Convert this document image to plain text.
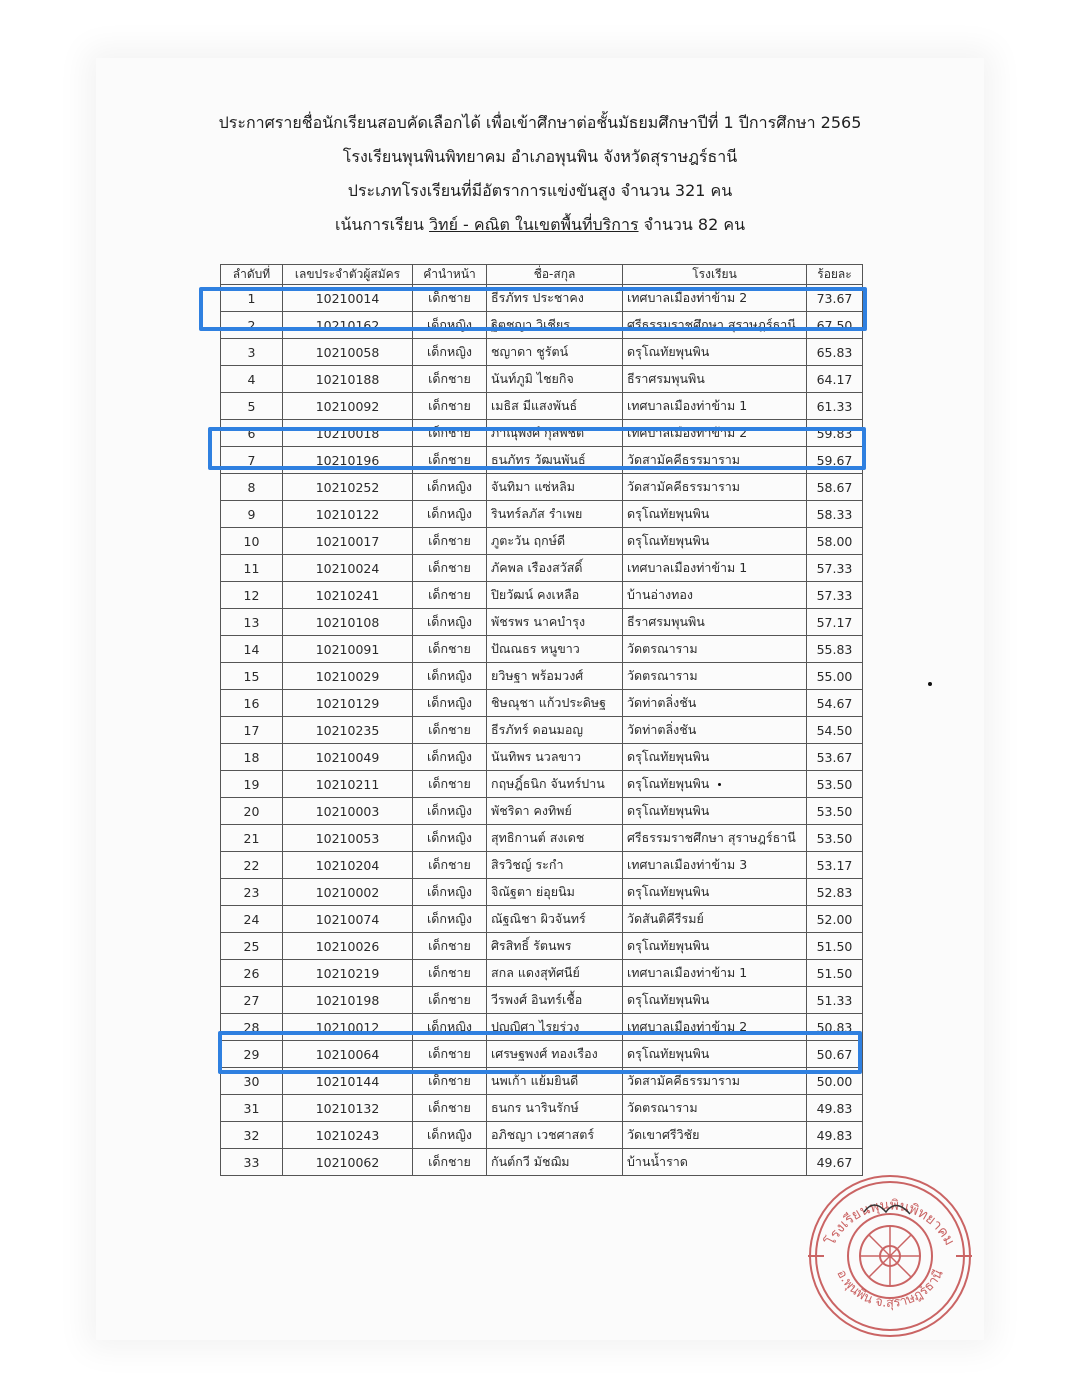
ประกาศรายชื่อนักเรียนสอบคัดเลือกได้ เพื่อเข้าศึกษาต่อชั้นมัธยมศึกษาปีที่ 1 ปีการศึกษา 2565
โรงเรียนพุนพินพิทยาคม อำเภอพุนพิน จังหวัดสุราษฎร์ธานี
ประเภทโรงเรียนที่มีอัตราการแข่งขันสูง จำนวน 321 คน
เน้นการเรียน วิทย์ - คณิต ในเขตพื้นที่บริการ จำนวน 82 คน
ลำดับที่	เลขประจำตัวผู้สมัคร	คำนำหน้า	ชื่อ-สกุล	โรงเรียน	ร้อยละ
1	10210014	เด็กชาย	ธีรภัทร ประชาคง	เทศบาลเมืองท่าข้าม 2	73.67
2	10210162	เด็กหญิง	ฐิตชญา วิเชียร	ศรีธรรมราชศึกษา สุราษฎร์ธานี	67.50
3	10210058	เด็กหญิง	ชญาดา ชูรัตน์	ดรุโณทัยพุนพิน	65.83
4	10210188	เด็กชาย	นันท์ภูมิ ไชยกิจ	ธีราศรมพุนพิน	64.17
5	10210092	เด็กชาย	เมธิส มีแสงพันธ์	เทศบาลเมืองท่าข้าม 1	61.33
6	10210018	เด็กชาย	ภาณุพงศ์ กุลพิชิต	เทศบาลเมืองท่าข้าม 2	59.83
7	10210196	เด็กชาย	ธนภัทร วัฒนพันธ์	วัดสามัคคีธรรมาราม	59.67
8	10210252	เด็กหญิง	จันทิมา แซ่หลิม	วัดสามัคคีธรรมาราม	58.67
9	10210122	เด็กหญิง	รินทร์ลภัส รำเพย	ดรุโณทัยพุนพิน	58.33
10	10210017	เด็กชาย	ภูตะวัน ฤกษ์ดี	ดรุโณทัยพุนพิน	58.00
11	10210024	เด็กชาย	ภัคพล เรืองสวัสดิ์	เทศบาลเมืองท่าข้าม 1	57.33
12	10210241	เด็กชาย	ปิยวัฒน์ คงเหลือ	บ้านอ่างทอง	57.33
13	10210108	เด็กหญิง	พัชรพร นาคบำรุง	ธีราศรมพุนพิน	57.17
14	10210091	เด็กชาย	ปัณณธร หนูขาว	วัดตรณาราม	55.83
15	10210029	เด็กหญิง	ยวิษฐา พร้อมวงศ์	วัดตรณาราม	55.00
16	10210129	เด็กหญิง	ชิษณุชา แก้วประดิษฐ	วัดท่าตลิ่งชัน	54.67
17	10210235	เด็กชาย	ธีรภัทร์ ดอนมอญ	วัดท่าตลิ่งชัน	54.50
18	10210049	เด็กหญิง	นันทิพร นวลขาว	ดรุโณทัยพุนพิน	53.67
19	10210211	เด็กชาย	กฤษฎิ์ธนิก จันทร์ปาน	ดรุโณทัยพุนพิน	53.50
20	10210003	เด็กหญิง	พัชริดา คงทิพย์	ดรุโณทัยพุนพิน	53.50
21	10210053	เด็กหญิง	สุทธิกานต์ สงเดช	ศรีธรรมราชศึกษา สุราษฎร์ธานี	53.50
22	10210204	เด็กชาย	สิรวิชญ์ ระกำ	เทศบาลเมืองท่าข้าม 3	53.17
23	10210002	เด็กหญิง	จิณัฐตา ย่อุยนิม	ดรุโณทัยพุนพิน	52.83
24	10210074	เด็กหญิง	ณัฐณิชา ผิวจันทร์	วัดสันติคีรีรมย์	52.00
25	10210026	เด็กชาย	ศิรสิทธิ์ รัตนพร	ดรุโณทัยพุนพิน	51.50
26	10210219	เด็กชาย	สกล แดงสุทัศนีย์	เทศบาลเมืองท่าข้าม 1	51.50
27	10210198	เด็กชาย	วีรพงศ์ อินทร์เชื้อ	ดรุโณทัยพุนพิน	51.33
28	10210012	เด็กหญิง	ปุญญิศา ไรยร่วง	เทศบาลเมืองท่าข้าม 2	50.83
29	10210064	เด็กชาย	เศรษฐพงศ์ ทองเรือง	ดรุโณทัยพุนพิน	50.67
30	10210144	เด็กชาย	นพเก้า แย้มยินดี	วัดสามัคคีธรรมาราม	50.00
31	10210132	เด็กชาย	ธนกร นารินรักษ์	วัดตรณาราม	49.83
32	10210243	เด็กหญิง	อภิชญา เวชศาสตร์	วัดเขาศรีวิชัย	49.83
33	10210062	เด็กชาย	กันต์กวี มัชฌิม	บ้านน้ำราด	49.67
โรงเรียนพุนพินพิทยาคม
อ.พุนพิน จ.สุราษฎร์ธานี
